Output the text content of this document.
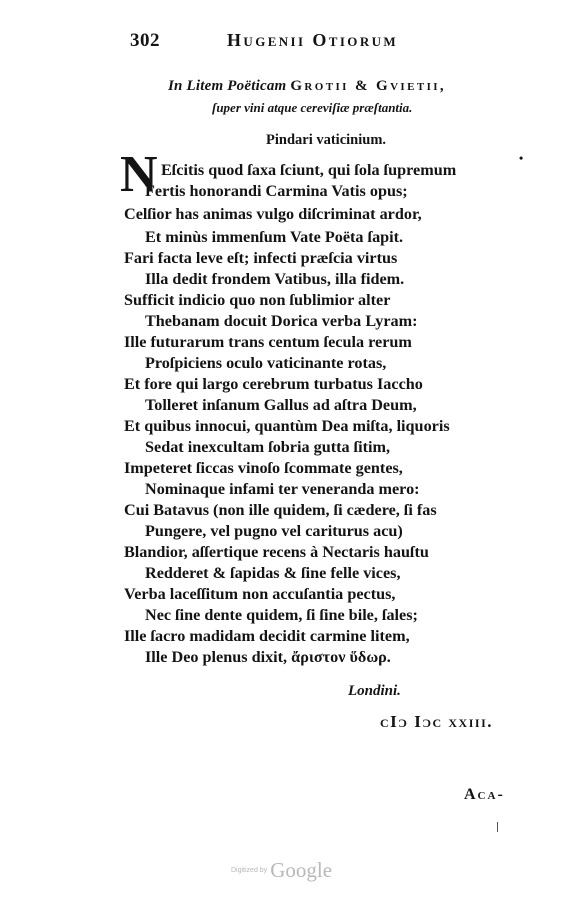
302	Hugenii Otiorum
In Litem Poëticam Grotii & Gvietii,
ſuper vini atque cereviſiæ præſtantia.
Pindari vaticinium.
•
N Eſcitis quod ſaxa ſciunt, qui ſola ſupremum
Fertis honorandi Carmina Vatis opus;
Celſior has animas vulgo diſcriminat ardor,
Et minùs immenſum Vate Poëta ſapit.
Fari facta leve eſt; infecti præſcia virtus
Illa dedit frondem Vatibus, illa fidem.
Sufficit indicio quo non ſublimior alter
Thebanam docuit Dorica verba Lyram:
Ille futurarum trans centum ſecula rerum
Proſpiciens oculo vaticinante rotas,
Et fore qui largo cerebrum turbatus Iaccho
Tolleret inſanum Gallus ad aſtra Deum,
Et quibus innocui, quantùm Dea miſta, liquoris
Sedat inexcultam ſobria gutta ſitim,
Impeteret ſiccas vinoſo ſcommate gentes,
Nominaque infami ter veneranda mero:
Cui Batavus (non ille quidem, ſi cædere, ſi fas
Pungere, vel pugno vel cariturus acu)
Blandior, aſſertique recens à Nectaris hauſtu
Redderet & ſapidas & ſine felle vices,
Verba laceſſitum non accuſantia pectus,
Nec ſine dente quidem, ſi ſine bile, ſales;
Ille ſacro madidam decidit carmine litem,
Ille Deo plenus dixit, ἄριστον ὕδωρ.
Londini.
cIɔ Iɔc xxiii.
Aca-
Digitized by Google
